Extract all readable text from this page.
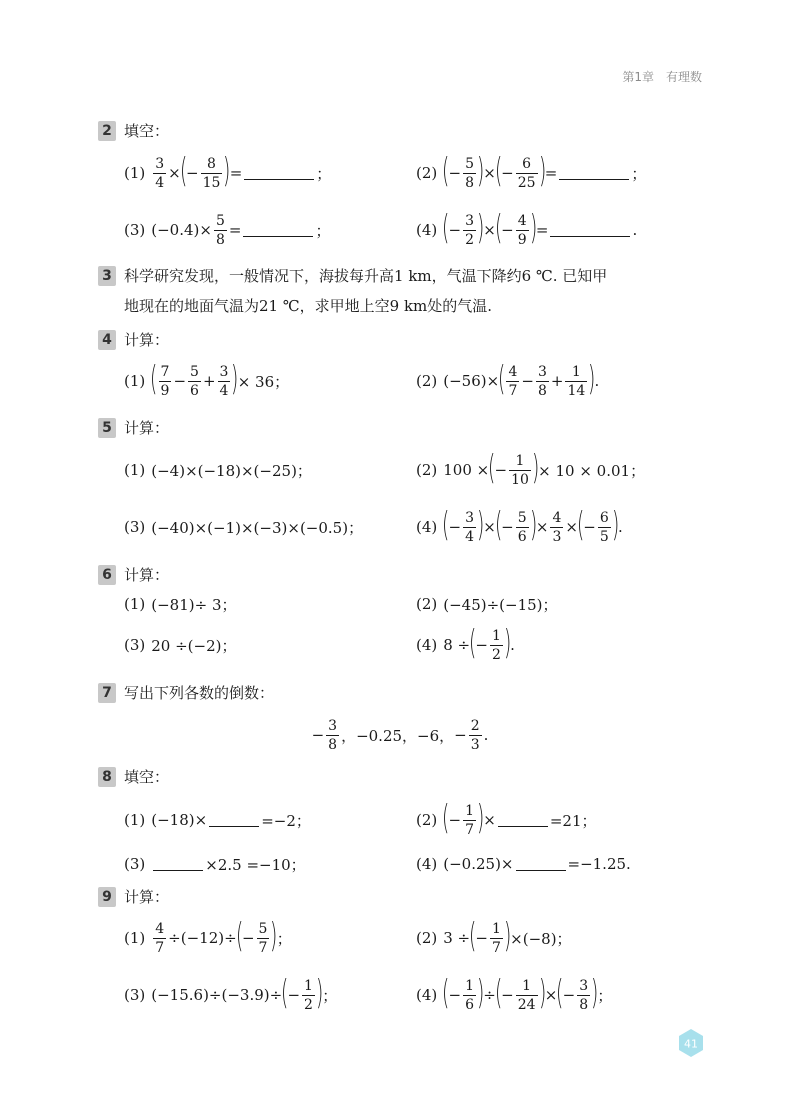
第1章 有理数
2 填空：
$(1) \frac{3}{4}$ ×
(
− $\frac{8}{15}$ )
=	；	(2) (
− $\frac{5}{8}$ )
×
(
− $\frac{6}{25}$ )
=	；
(3) $(-0.4)\times \frac{5}{8}$ =	；	(4) (
− $\frac{3}{2}$ )
×
(
− $\frac{4}{9}$ )
=	.
3 科学研究发现，一般情况下，海拔每升高1 km，气温下降约6 ℃. 已知甲
地现在的地面气温为21 ℃，求甲地上空9 km处的气温.
4 计算：
(1) ( $\frac{7}{9} - \frac{5}{6} + \frac{3}{4}$ )
× 36；	(2) (−56)×
( $\frac{4}{7} - \frac{3}{8} + \frac{1}{14}$ )
.
5 计算：
(1) (−4)×(−18)×(−25)；	(2) 100 ×
(
− $\frac{1}{10}$ )
× 10 × 0.01；
(3) (−40)×(−1)×(−3)×(−0.5)；	(4) (
− $\frac{3}{4}$ )
×
(
− $\frac{5}{6}$ )
× $\frac{4}{3}$ ×
(
− $\frac{6}{5}$ )
.
6 计算：
(1) (−81)÷ 3；	(2) (−45)÷(−15)；
(3) 20 ÷(−2)；	(4) 8 ÷
(
− $\frac{1}{2}$ )
.
7 写出下列各数的倒数：
− $\frac{3}{8}$ ，−0.25，−6， − $\frac{2}{3}$ .
8 填空：
(1) (−18)×	=−2；	(2) (
− $\frac{1}{7}$ )
×	=21；
(3)	×2.5 =−10；	(4) (−0.25)×	=−1.25.
9 计算：
$(1) \frac{4}{7} \div(-12)\div$
(
− $\frac{5}{7}$ )
；	(2) 3 ÷
(
− $\frac{1}{7}$ )
×(−8)；
(3) (−15.6)÷(−3.9)÷
(
− $\frac{1}{2}$ )
；	(4) (
− $\frac{1}{6}$ )
÷
(
− $\frac{1}{24}$ )
×
(
− $\frac{3}{8}$ )
；
41
